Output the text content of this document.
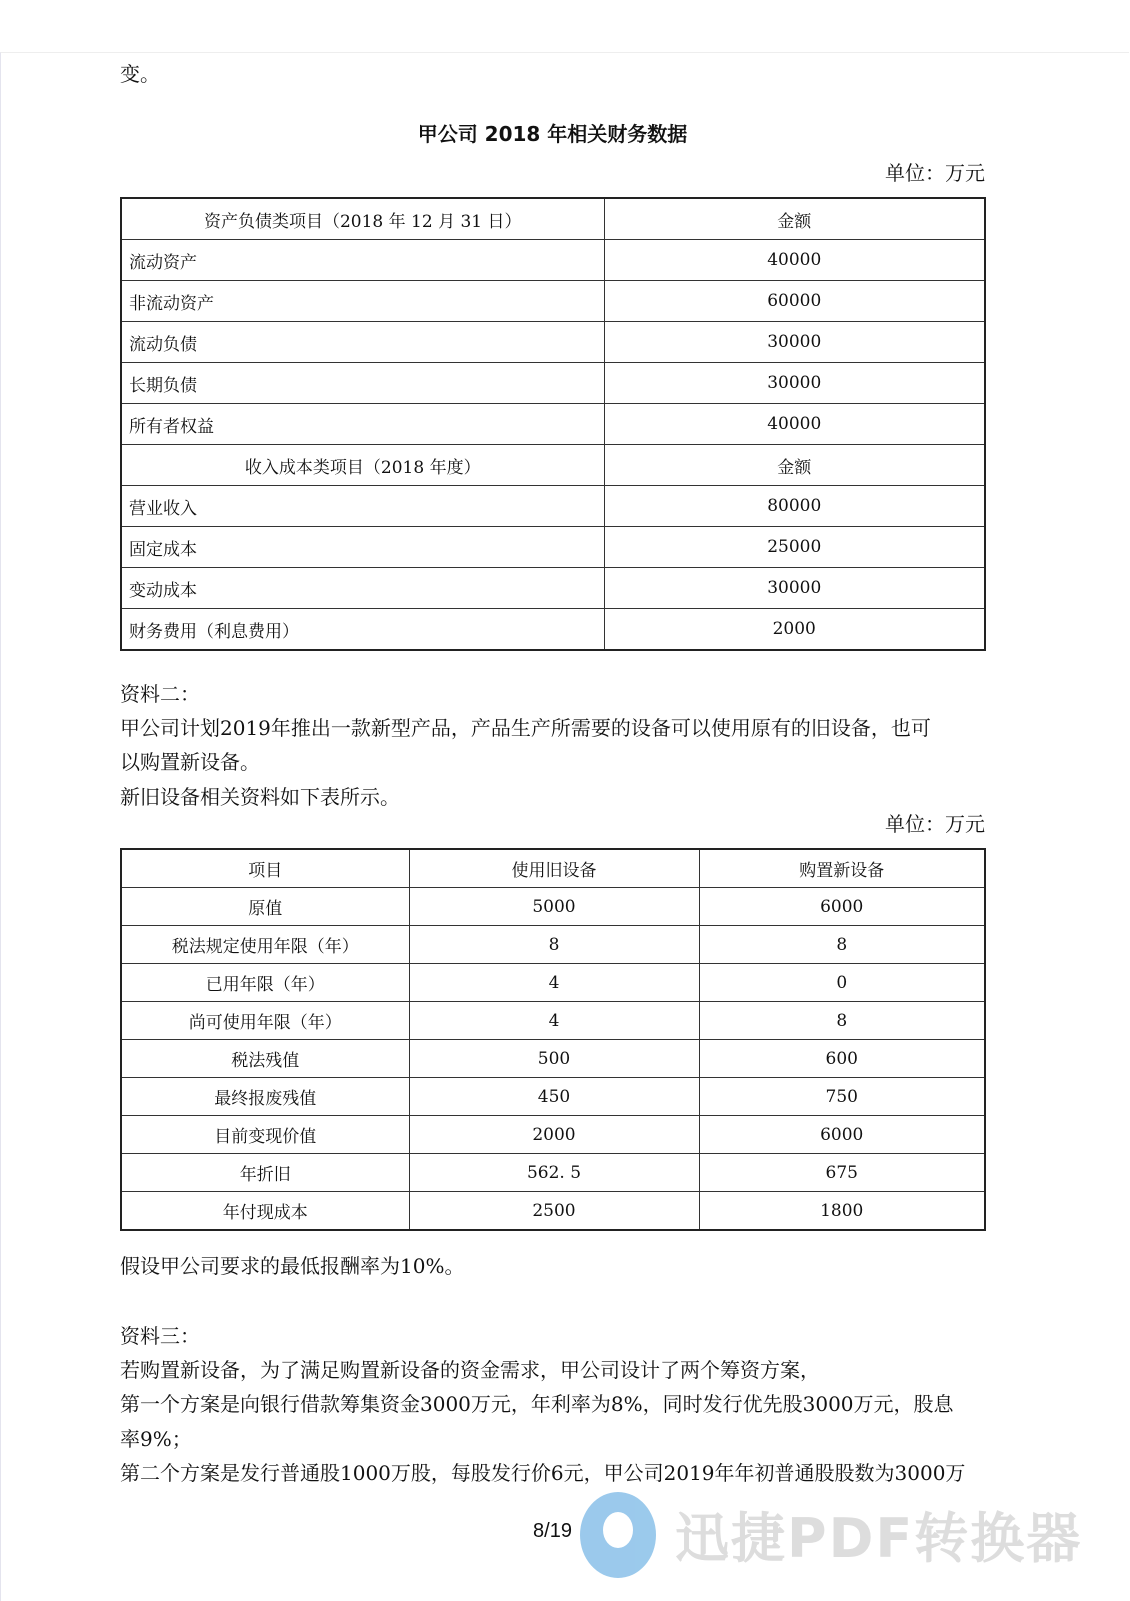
变。
甲公司 2018 年相关财务数据
单位：万元
资产负债类项目（2018 年 12 月 31 日）	金额
流动资产	40000
非流动资产	60000
流动负债	30000
长期负债	30000
所有者权益	40000
收入成本类项目（2018 年度）	金额
营业收入	80000
固定成本	25000
变动成本	30000
财务费用（利息费用）	2000
资料二：
甲公司计划2019年推出一款新型产品，产品生产所需要的设备可以使用原有的旧设备，也可
以购置新设备。
新旧设备相关资料如下表所示。
单位：万元
项目	使用旧设备	购置新设备
原值	5000	6000
税法规定使用年限（年）	8	8
已用年限（年）	4	0
尚可使用年限（年）	4	8
税法残值	500	600
最终报废残值	450	750
目前变现价值	2000	6000
年折旧	562. 5	675
年付现成本	2500	1800
假设甲公司要求的最低报酬率为10%。
资料三：
若购置新设备，为了满足购置新设备的资金需求，甲公司设计了两个筹资方案，
第一个方案是向银行借款筹集资金3000万元，年利率为8%，同时发行优先股3000万元，股息
率9%；
第二个方案是发行普通股1000万股，每股发行价6元，甲公司2019年年初普通股股数为3000万
迅捷PDF转换器
8/19
